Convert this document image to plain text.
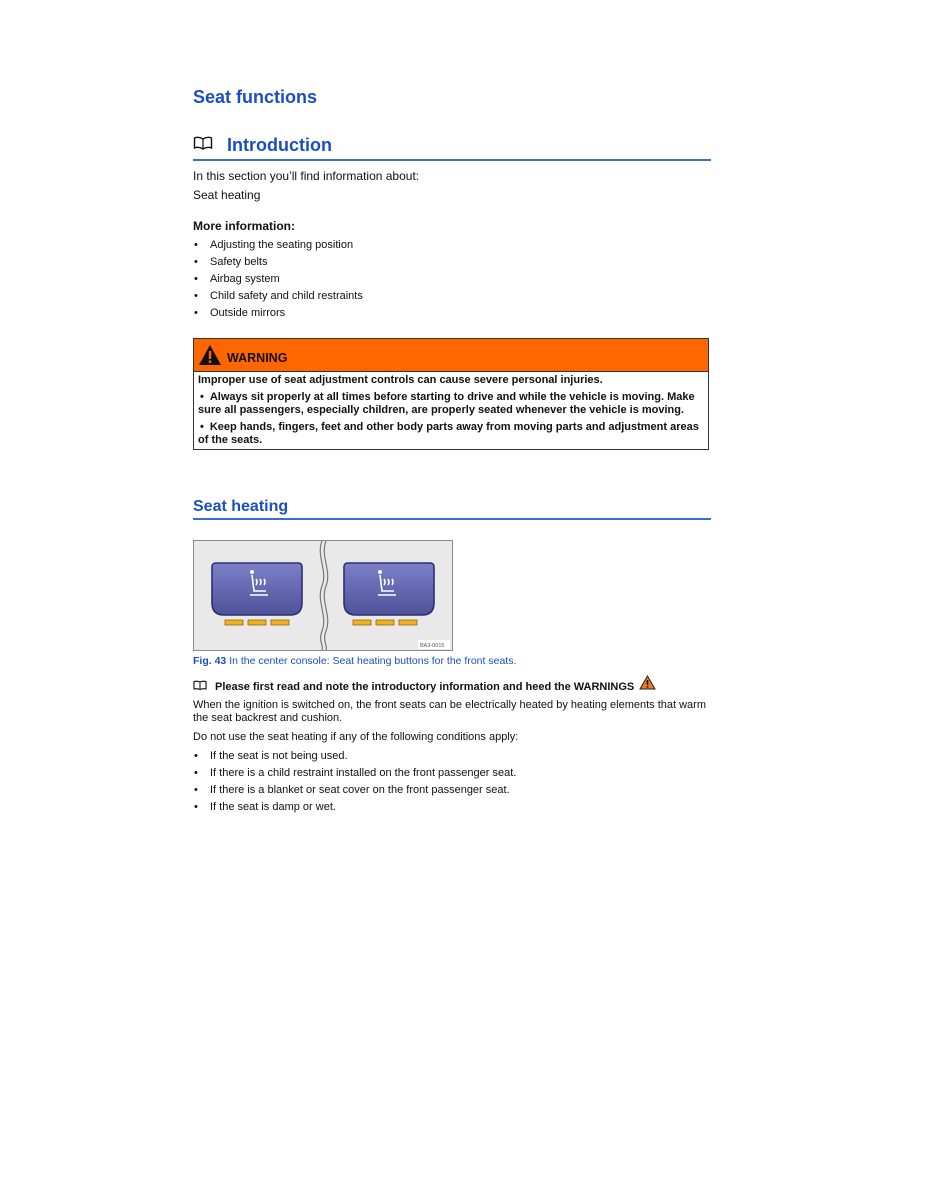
Seat functions
Introduction

In this section you’ll find information about:

Seat heating

More information:

• Adjusting the seating position
• Safety belts
• Airbag system
• Child safety and child restraints
• Outside mirrors
WARNING

Improper use of seat adjustment controls can cause severe personal injuries.

• Always sit properly at all times before starting to drive and while the vehicle is moving. Make sure all passengers, especially children, are properly seated whenever the vehicle is moving.

• Keep hands, fingers, feet and other body parts away from moving parts and adjustment areas of the seats.

Seat heating
BA3-0015
Fig. 43 In the center console: Seat heating buttons for the front seats.
Please first read and note the introductory information and heed the WARNINGS

When the ignition is switched on, the front seats can be electrically heated by heating elements that warm the seat backrest and cushion.

Do not use the seat heating if any of the following conditions apply:

• If the seat is not being used.
• If there is a child restraint installed on the front passenger seat.
• If there is a blanket or seat cover on the front passenger seat.
• If the seat is damp or wet.
